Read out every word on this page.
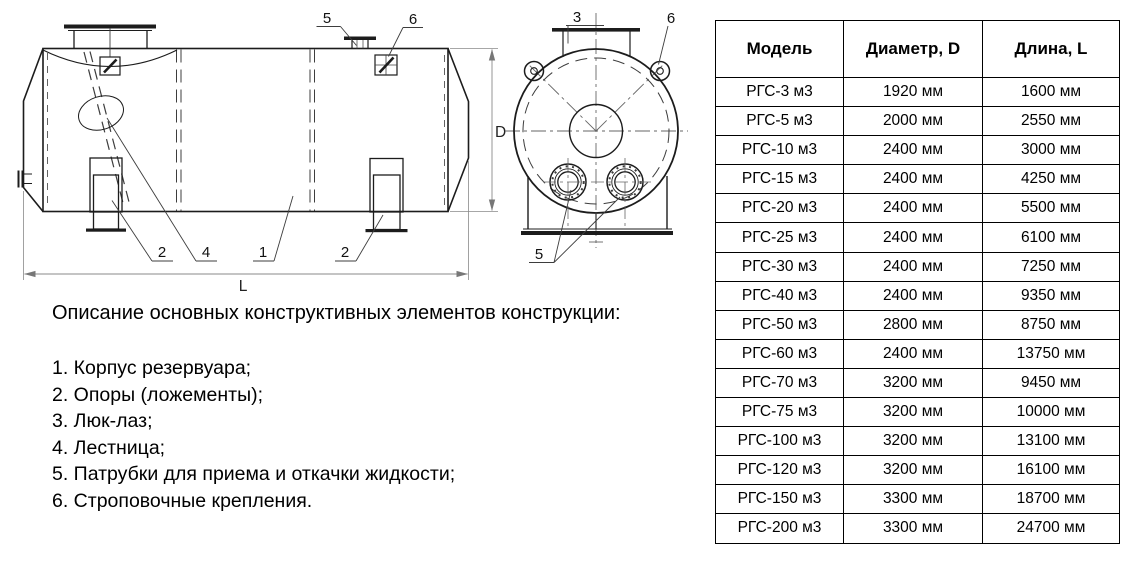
D
L
5	6
2 4	1	2
3	6
5

Описание основных конструктивных элементов конструкции:

1. Корпус резервуара;
2. Опоры (ложементы);
3. Люк-лаз;
4. Лестница;
5. Патрубки для приема и откачки жидкости;
6. Строповочные крепления.
Модель	Диаметр, D	Длина, L
РГС-3 м3	1920 мм	1600 мм
РГС-5 м3	2000 мм	2550 мм
РГС-10 м3	2400 мм	3000 мм
РГС-15 м3	2400 мм	4250 мм
РГС-20 м3	2400 мм	5500 мм
РГС-25 м3	2400 мм	6100 мм
РГС-30 м3	2400 мм	7250 мм
РГС-40 м3	2400 мм	9350 мм
РГС-50 м3	2800 мм	8750 мм
РГС-60 м3	2400 мм	13750 мм
РГС-70 м3	3200 мм	9450 мм
РГС-75 м3	3200 мм	10000 мм
РГС-100 м3	3200 мм	13100 мм
РГС-120 м3	3200 мм	16100 мм
РГС-150 м3	3300 мм	18700 мм
РГС-200 м3	3300 мм	24700 мм
